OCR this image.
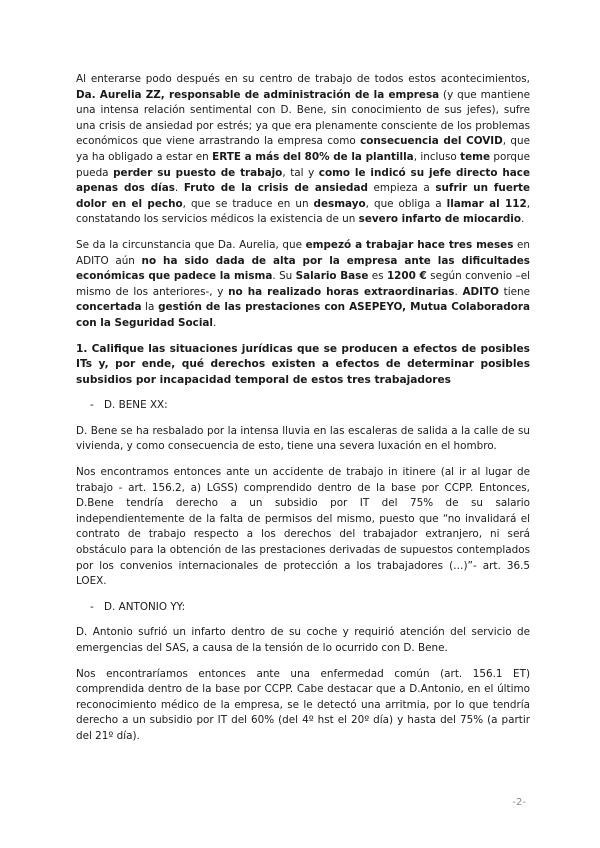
Al enterarse podo después en su centro de trabajo de todos estos acontecimientos, Da. Aurelia ZZ, responsable de administración de la empresa (y que mantiene una intensa relación sentimental con D. Bene, sin conocimiento de sus jefes), sufre una crisis de ansiedad por estrés; ya que era plenamente consciente de los problemas económicos que viene arrastrando la empresa como consecuencia del COVID, que ya ha obligado a estar en ERTE a más del 80% de la plantilla, incluso teme porque pueda perder su puesto de trabajo, tal y como le indicó su jefe directo hace apenas dos días. Fruto de la crisis de ansiedad empieza a sufrir un fuerte dolor en el pecho, que se traduce en un desmayo, que obliga a llamar al 112, constatando los servicios médicos la existencia de un severo infarto de miocardio.

Se da la circunstancia que Da. Aurelia, que empezó a trabajar hace tres meses en ADITO aún no ha sido dada de alta por la empresa ante las dificultades económicas que padece la misma. Su Salario Base es 1200 € según convenio –el mismo de los anteriores-, y no ha realizado horas extraordinarias. ADITO tiene concertada la gestión de las prestaciones con ASEPEYO, Mutua Colaboradora con la Seguridad Social.

1. Califique las situaciones jurídicas que se producen a efectos de posibles ITs y, por ende, qué derechos existen a efectos de determinar posibles subsidios por incapacidad temporal de estos tres trabajadores

- D. BENE XX:

D. Bene se ha resbalado por la intensa lluvia en las escaleras de salida a la calle de su vivienda, y como consecuencia de esto, tiene una severa luxación en el hombro.

Nos encontramos entonces ante un accidente de trabajo in itinere (al ir al lugar de trabajo - art. 156.2, a) LGSS) comprendido dentro de la base por CCPP. Entonces, D.Bene tendría derecho a un subsidio por IT del 75% de su salario independientemente de la falta de permisos del mismo, puesto que “no invalidará el contrato de trabajo respecto a los derechos del trabajador extranjero, ni será obstáculo para la obtención de las prestaciones derivadas de supuestos contemplados por los convenios internacionales de protección a los trabajadores (…)”- art. 36.5 LOEX.

- D. ANTONIO YY:

D. Antonio sufrió un infarto dentro de su coche y requirió atención del servicio de emergencias del SAS, a causa de la tensión de lo ocurrido con D. Bene.

Nos encontraríamos entonces ante una enfermedad común (art. 156.1 ET) comprendida dentro de la base por CCPP. Cabe destacar que a D.Antonio, en el último reconocimiento médico de la empresa, se le detectó una arritmia, por lo que tendría derecho a un subsidio por IT del 60% (del 4º hst el 20º día) y hasta del 75% (a partir del 21º día).

-2-
